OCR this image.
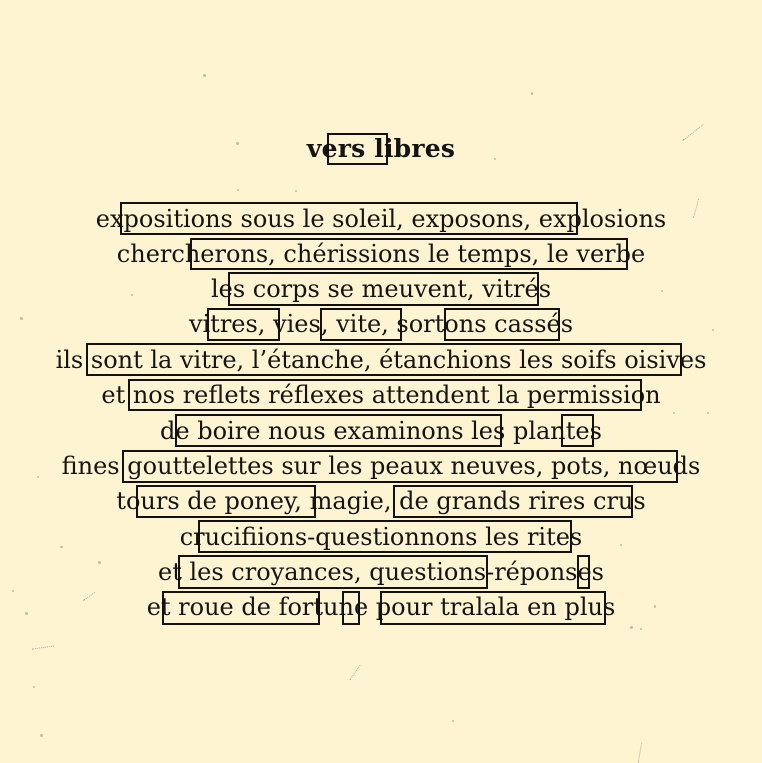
vers libres
expositions sous le soleil, exposons, explosions
chercherons, chérissions le temps, le verbe
les corps se meuvent, vitrés
vitres, vies, vite, sortons cassés
ils sont la vitre, l’étanche, étanchions les soifs oisives
et nos reflets réflexes attendent la permission
de boire nous examinons les plantes
fines gouttelettes sur les peaux neuves, pots, nœuds
tours de poney, magie, de grands rires crus
crucifiions-questionnons les rites
et les croyances, questions-réponses
et roue de fortune pour tralala en plus
